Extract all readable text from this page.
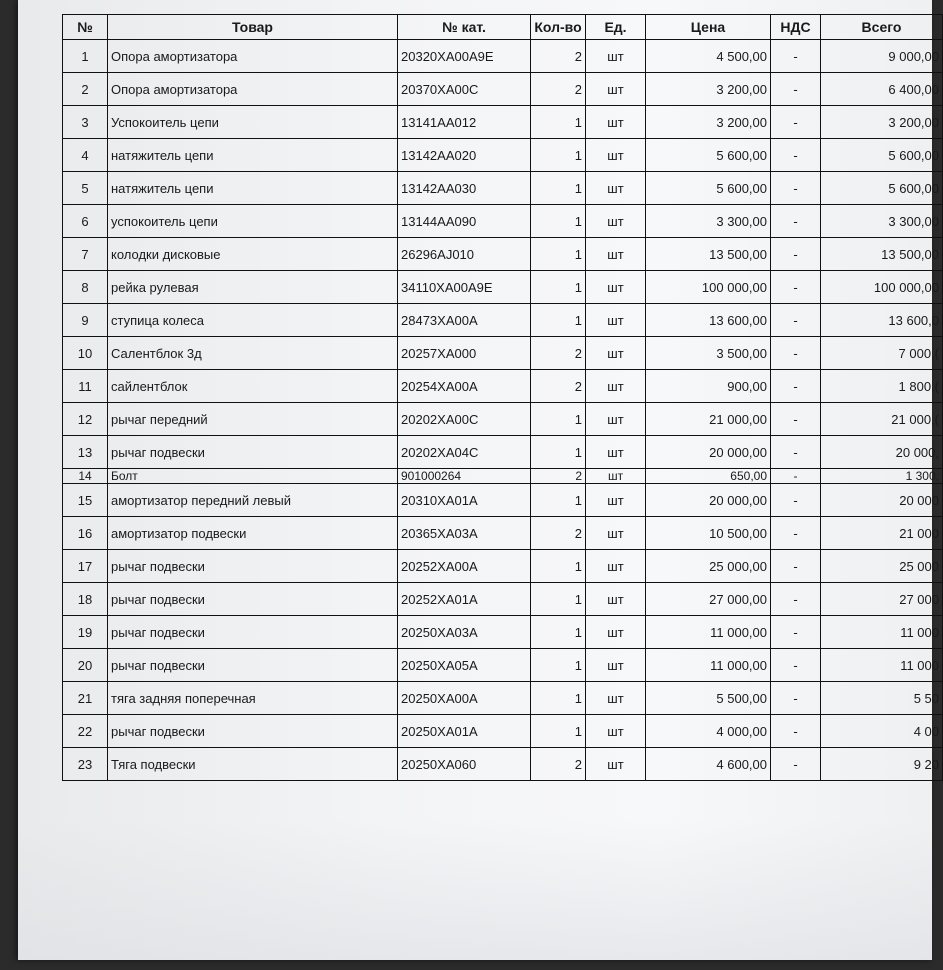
№	Товар	№ кат.	Кол-во	Ед.	Цена	НДС	Всего
1	Опора амортизатора	20320XA00A9E	2	шт	4 500,00	-	9 000,00
2	Опора амортизатора	20370XA00C	2	шт	3 200,00	-	6 400,00
3	Успокоитель цепи	13141AA012	1	шт	3 200,00	-	3 200,00
4	натяжитель цепи	13142AA020	1	шт	5 600,00	-	5 600,00
5	натяжитель цепи	13142AA030	1	шт	5 600,00	-	5 600,00
6	успокоитель цепи	13144AA090	1	шт	3 300,00	-	3 300,00
7	колодки дисковые	26296AJ010	1	шт	13 500,00	-	13 500,00
8	рейка рулевая	34110XA00A9E	1	шт	100 000,00	-	100 000,00
9	ступица колеса	28473XA00A	1	шт	13 600,00	-	13 600,0
10	Салентблок 3д	20257XA000	2	шт	3 500,00	-	7 000,(
11	сайлентблок	20254XA00A	2	шт	900,00	-	1 800,(
12	рычаг передний	20202XA00C	1	шт	21 000,00	-	21 000,(
13	рычаг подвески	20202XA04C	1	шт	20 000,00	-	20 000,
14	Болт	901000264	2	шт	650,00	-	1 300,
15	амортизатор передний левый	20310XA01A	1	шт	20 000,00	-	20 000
16	амортизатор подвески	20365XA03A	2	шт	10 500,00	-	21 000
17	рычаг подвески	20252XA00A	1	шт	25 000,00	-	25 000
18	рычаг подвески	20252XA01A	1	шт	27 000,00	-	27 000
19	рычаг подвески	20250XA03A	1	шт	11 000,00	-	11 000
20	рычаг подвески	20250XA05A	1	шт	11 000,00	-	11 000
21	тяга задняя поперечная	20250XA00A	1	шт	5 500,00	-	5 50
22	рычаг подвески	20250XA01A	1	шт	4 000,00	-	4 00
23	Тяга подвески	20250XA060	2	шт	4 600,00	-	9 20
